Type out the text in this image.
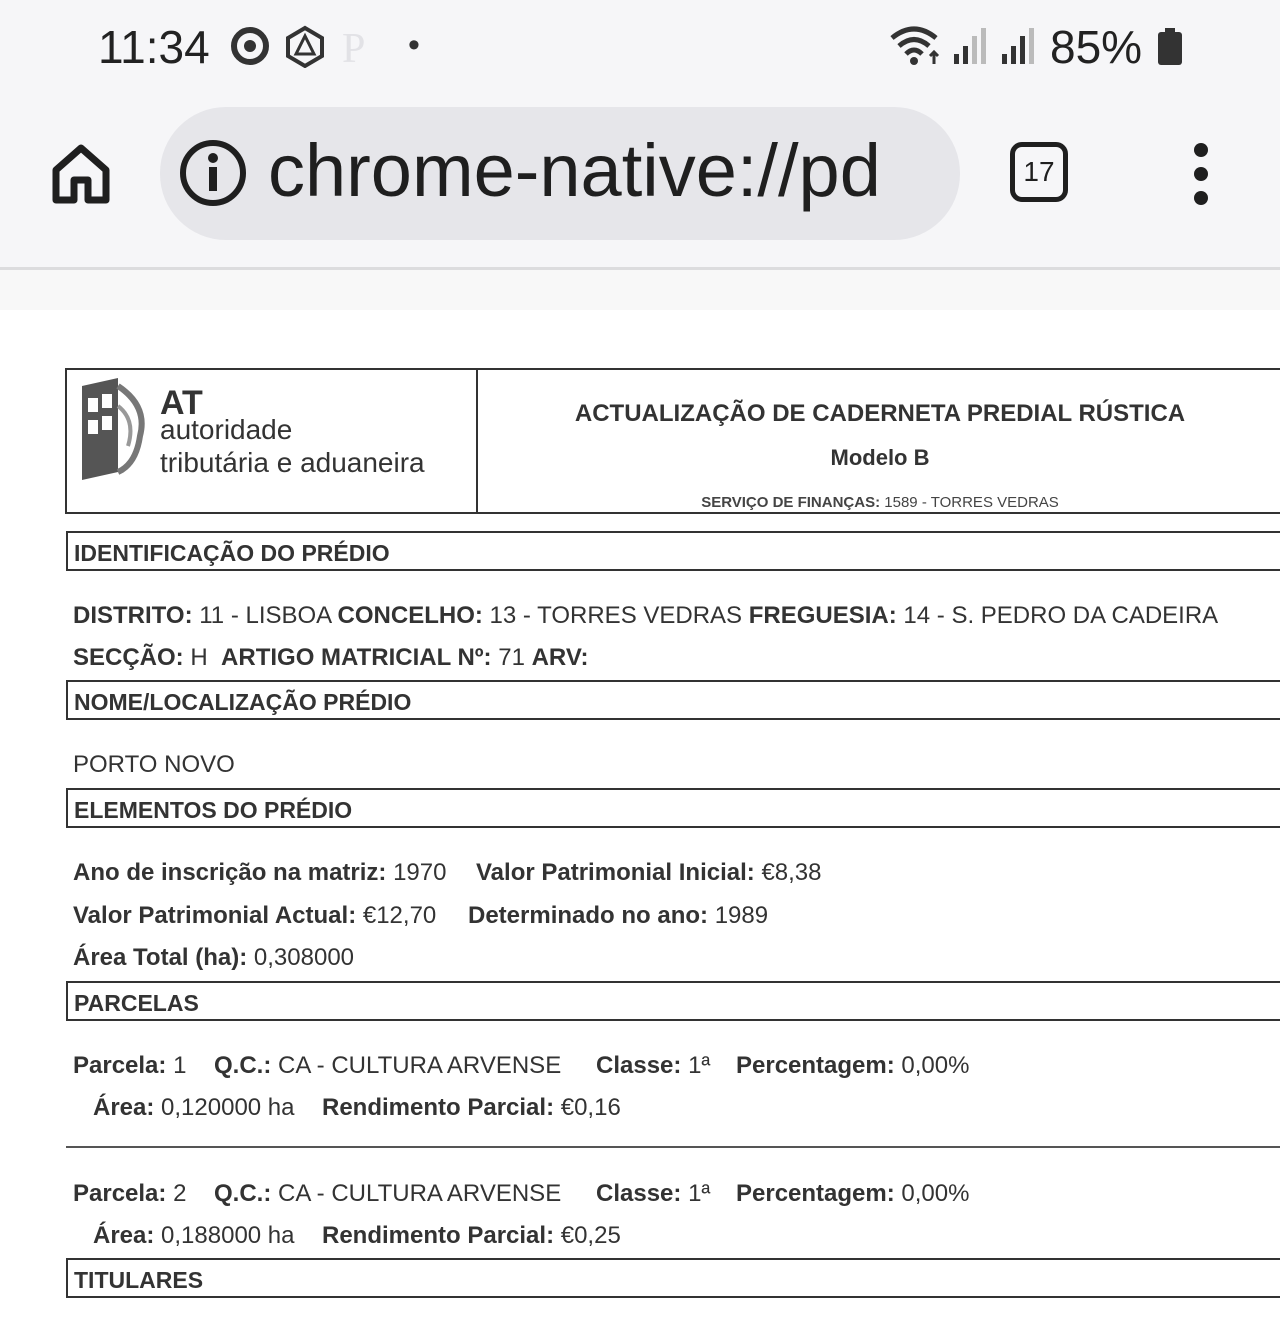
11:34	P •	85%
chrome-native://pd	17
AT
autoridade
tributária e aduaneira
ACTUALIZAÇÃO DE CADERNETA PREDIAL RÚSTICA
Modelo B
SERVIÇO DE FINANÇAS: 1589 - TORRES VEDRAS
IDENTIFICAÇÃO DO PRÉDIO
DISTRITO: 11 - LISBOA CONCELHO: 13 - TORRES VEDRAS FREGUESIA: 14 - S. PEDRO DA CADEIRA
SECÇÃO: H ARTIGO MATRICIAL Nº: 71 ARV:
NOME/LOCALIZAÇÃO PRÉDIO
PORTO NOVO
ELEMENTOS DO PRÉDIO
Ano de inscrição na matriz: 1970 Valor Patrimonial Inicial: €8,38
Valor Patrimonial Actual: €12,70 Determinado no ano: 1989
Área Total (ha): 0,308000
PARCELAS
Parcela: 1 Q.C.: CA - CULTURA ARVENSE Classe: 1ª Percentagem: 0,00%
Área: 0,120000 ha Rendimento Parcial: €0,16
Parcela: 2 Q.C.: CA - CULTURA ARVENSE Classe: 1ª Percentagem: 0,00%
Área: 0,188000 ha Rendimento Parcial: €0,25
TITULARES
